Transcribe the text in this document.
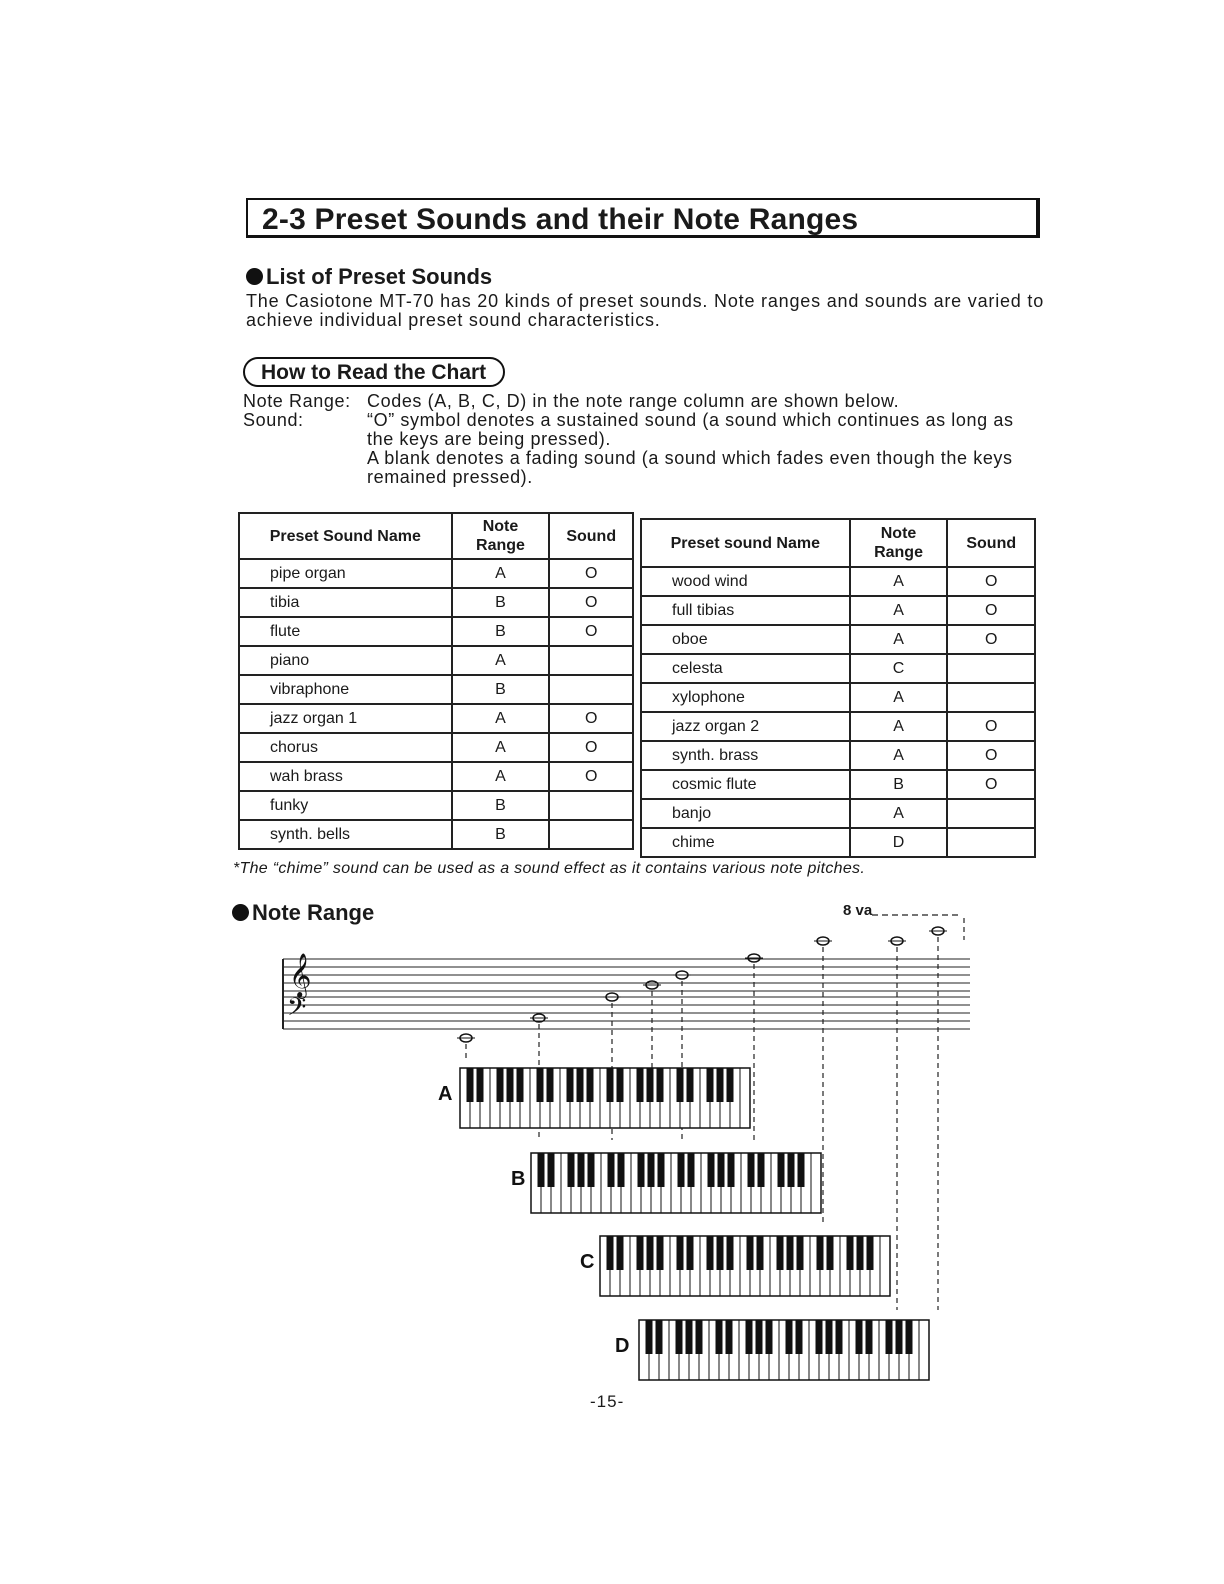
2-3 Preset Sounds and their Note Ranges
List of Preset Sounds
The Casiotone MT-70 has 20 kinds of preset sounds. Note ranges and sounds are varied to achieve individual preset sound characteristics.
How to Read the Chart
Note Range: Codes (A, B, C, D) in the note range column are shown below.
Sound:	“O” symbol denotes a sustained sound (a sound which continues as long as the keys are being pressed).
A blank denotes a fading sound (a sound which fades even though the keys remained pressed).
Preset Sound Name	Note Range	Sound
pipe organ	A	O
tibia	B	O
flute	B	O
piano	A	
vibraphone	B	
jazz organ 1	A	O
chorus	A	O
wah brass	A	O
funky	B	
synth. bells	B	
Preset sound Name	Note Range	Sound
wood wind	A	O
full tibias	A	O
oboe	A	O
celesta	C	
xylophone	A	
jazz organ 2	A	O
synth. brass	A	O
cosmic flute	B	O
banjo	A	
chime	D	
*The “chime” sound can be used as a sound effect as it contains various note pitches.
Note Range	8 va
𝄞
𝄢
A
B
C
D
-15-
